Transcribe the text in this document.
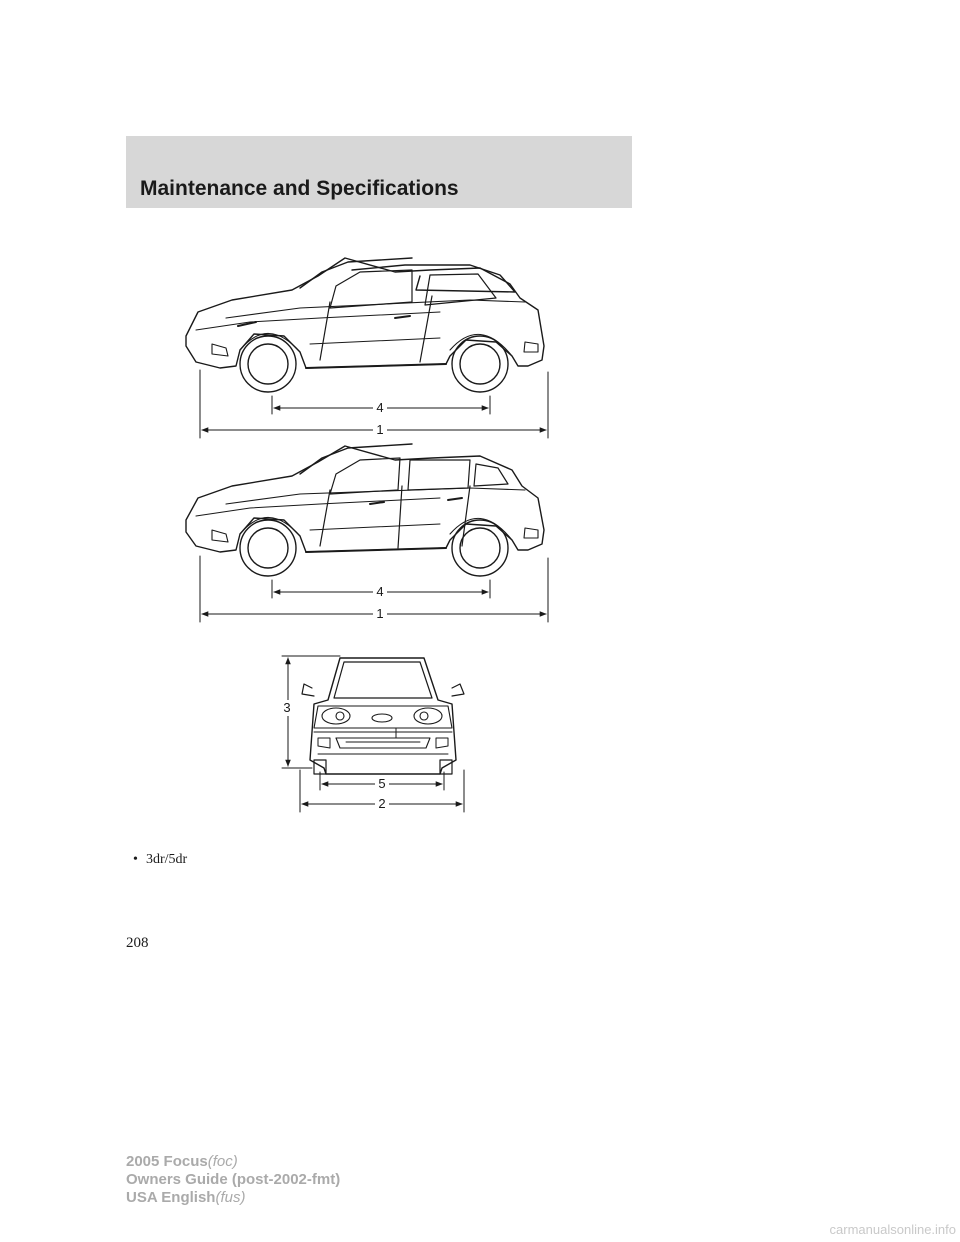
Maintenance and Specifications
4
1
4
1
3
5
2
• 3dr/5dr
208
2005 Focus(foc)
Owners Guide (post-2002-fmt)
USA English(fus)
carmanualsonline.info
